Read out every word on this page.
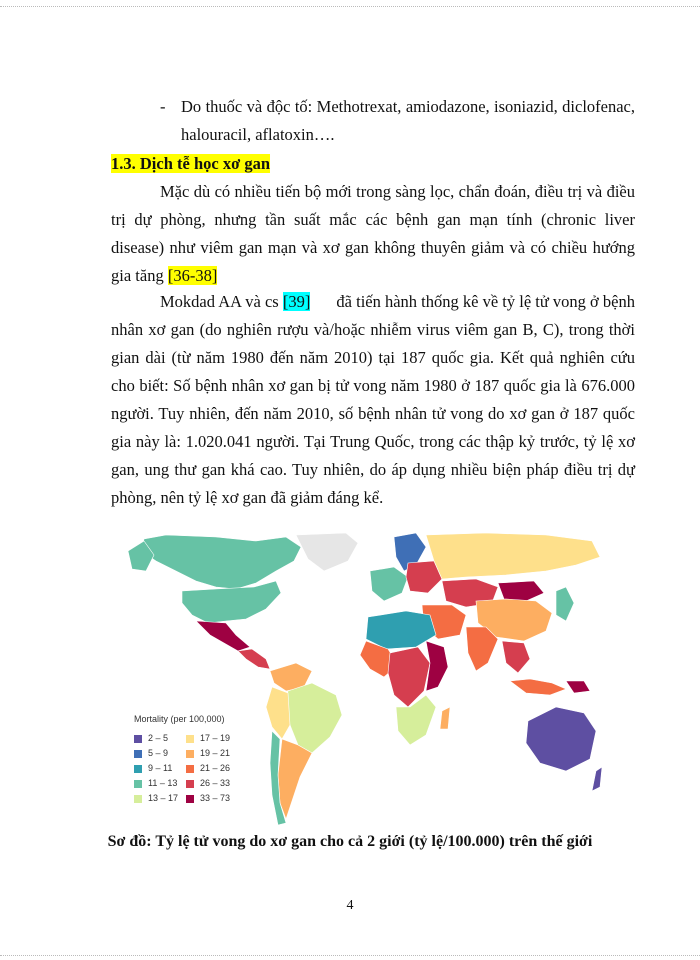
- Do thuốc và độc tố: Methotrexat, amiodazone, isoniazid, diclofenac,
halouracil, aflatoxin….
1.3. Dịch tễ học xơ gan
Mặc dù có nhiều tiến bộ mới trong sàng lọc, chẩn đoán, điều trị và điều
trị dự phòng, nhưng tần suất mắc các bệnh gan mạn tính (chronic liver
disease) như viêm gan mạn và xơ gan không thuyên giảm và có chiều hướng
gia tăng [36-38]
Mokdad AA và cs [39] đã tiến hành thống kê về tỷ lệ tử vong ở bệnh
nhân xơ gan (do nghiên rượu và/hoặc nhiễm virus viêm gan B, C), trong thời
gian dài (từ năm 1980 đến năm 2010) tại 187 quốc gia. Kết quả nghiên cứu
cho biết: Số bệnh nhân xơ gan bị tử vong năm 1980 ở 187 quốc gia là 676.000
người. Tuy nhiên, đến năm 2010, số bệnh nhân tử vong do xơ gan ở 187 quốc
gia này là: 1.020.041 người. Tại Trung Quốc, trong các thập kỷ trước, tỷ lệ xơ
gan, ung thư gan khá cao. Tuy nhiên, do áp dụng nhiều biện pháp điều trị dự
phòng, nên tỷ lệ xơ gan đã giảm đáng kể.
Mortality (per 100,000)
2 – 5
5 – 9
9 – 11
11 – 13
13 – 17
17 – 19
19 – 21
21 – 26
26 – 33
33 – 73
Sơ đồ: Tỷ lệ tử vong do xơ gan cho cả 2 giới (tỷ lệ/100.000) trên thế giới
4
